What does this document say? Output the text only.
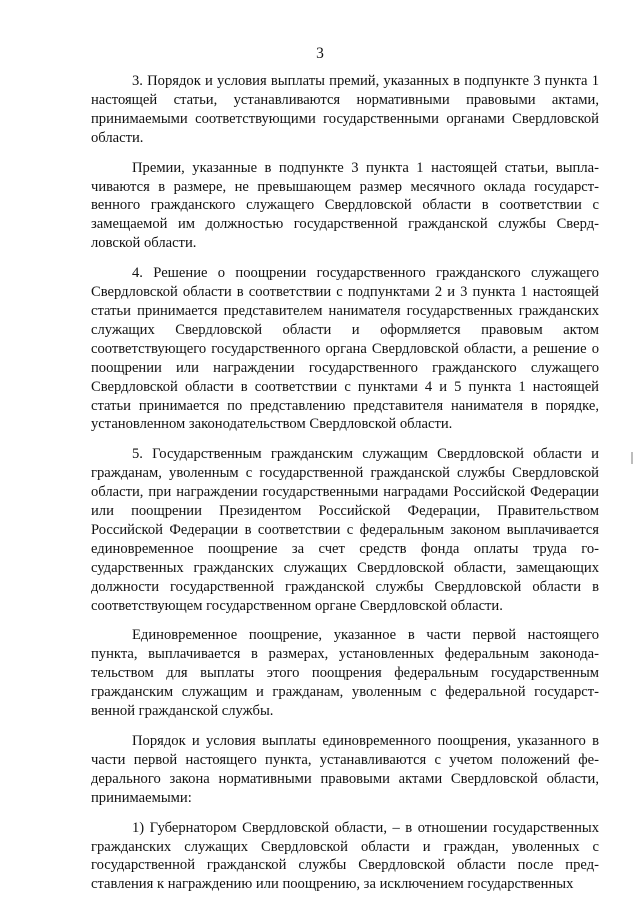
3

3. Порядок и условия выплаты премий, указанных в подпункте 3 пункта 1 настоящей статьи, устанавливаются нормативными правовыми актами, принимаемыми соответствующими государственными органами Свердловской области.

Премии, указанные в подпункте 3 пункта 1 настоящей статьи, выплачиваются в размере, не превышающем размер месячного оклада государственного гражданского служащего Свердловской области в соответствии с замещаемой им должностью государственной гражданской службы Свердловской области.

4. Решение о поощрении государственного гражданского служащего Свердловской области в соответствии с подпунктами 2 и 3 пункта 1 настоящей статьи принимается представителем нанимателя государственных гражданских служащих Свердловской области и оформляется правовым актом соответствующего государственного органа Свердловской области, а решение о поощрении или награждении государственного гражданского служащего Свердловской области в соответствии с пунктами 4 и 5 пункта 1 настоящей статьи принимается по представлению представителя нанимателя в порядке, установленном законодательством Свердловской области.

5. Государственным гражданским служащим Свердловской области и гражданам, уволенным с государственной гражданской службы Свердловской области, при награждении государственными наградами Российской Федерации или поощрении Президентом Российской Федерации, Правительством Российской Федерации в соответствии с федеральным законом выплачивается единовременное поощрение за счет средств фонда оплаты труда государственных гражданских служащих Свердловской области, замещающих должности государственной гражданской службы Свердловской области в соответствующем государственном органе Свердловской области.

Единовременное поощрение, указанное в части первой настоящего пункта, выплачивается в размерах, установленных федеральным законодательством для выплаты этого поощрения федеральным государственным гражданским служащим и гражданам, уволенным с федеральной государственной гражданской службы.

Порядок и условия выплаты единовременного поощрения, указанного в части первой настоящего пункта, устанавливаются с учетом положений федерального закона нормативными правовыми актами Свердловской области, принимаемыми:

1) Губернатором Свердловской области, – в отношении государственных гражданских служащих Свердловской области и граждан, уволенных с государственной гражданской службы Свердловской области после представления к награждению или поощрению, за исключением государственных
